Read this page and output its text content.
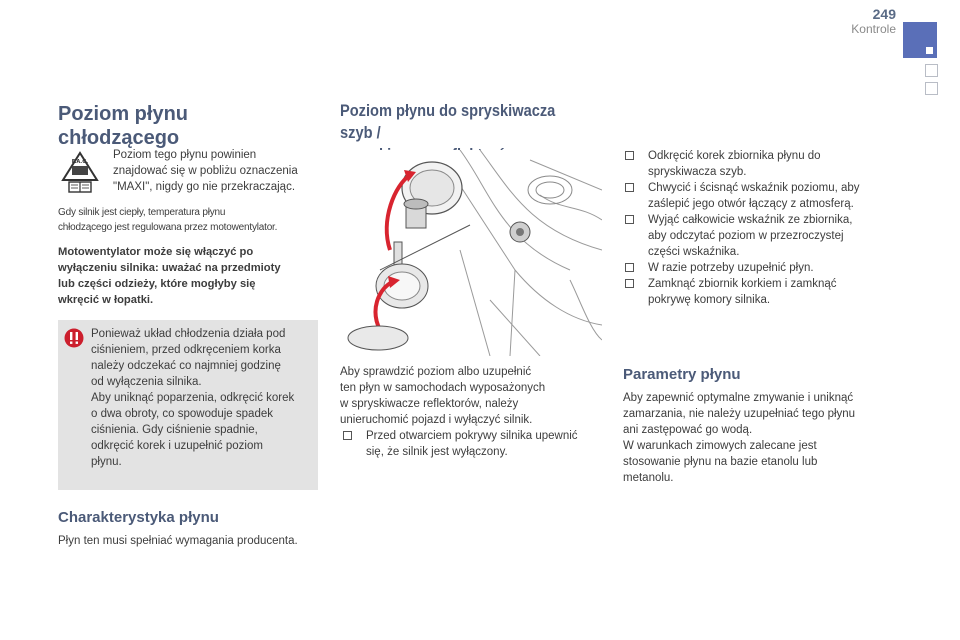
249
Kontrole
Poziom płynu
chłodzącego
F.A.G.

Poziom tego płynu powinien
znajdować się w pobliżu oznaczenia
"MAXI", nigdy go nie przekraczając.

Gdy silnik jest ciepły, temperatura płynu
chłodzącego jest regulowana przez motowentylator.

Motowentylator może się włączyć po
wyłączeniu silnika: uważać na przedmioty
lub części odzieży, które mogłyby się
wkręcić w łopatki.

Ponieważ układ chłodzenia działa pod
ciśnieniem, przed odkręceniem korka
należy odczekać co najmniej godzinę
od wyłączenia silnika.
Aby uniknąć poparzenia, odkręcić korek
o dwa obroty, co spowoduje spadek
ciśnienia. Gdy ciśnienie spadnie,
odkręcić korek i uzupełnić poziom
płynu.

Charakterystyka płynu

Płyn ten musi spełniać wymagania producenta.

Poziom płynu do spryskiwacza szyb /

Aby sprawdzić poziom albo uzupełnić
ten płyn w samochodach wyposażonych
w spryskiwacze reflektorów, należy
unieruchomić pojazd i wyłączyć silnik.

Przed otwarciem pokrywy silnika upewnić
się, że silnik jest wyłączony.
Odkręcić korek zbiornika płynu do
spryskiwacza szyb.
Chwycić i ścisnąć wskaźnik poziomu, aby
zaślepić jego otwór łączący z atmosferą.
Wyjąć całkowicie wskaźnik ze zbiornika,
aby odczytać poziom w przezroczystej
części wskaźnika.
W razie potrzeby uzupełnić płyn.
Zamknąć zbiornik korkiem i zamknąć
pokrywę komory silnika.
Parametry płynu

Aby zapewnić optymalne zmywanie i uniknąć
zamarzania, nie należy uzupełniać tego płynu
ani zastępować go wodą.
W warunkach zimowych zalecane jest
stosowanie płynu na bazie etanolu lub
metanolu.
